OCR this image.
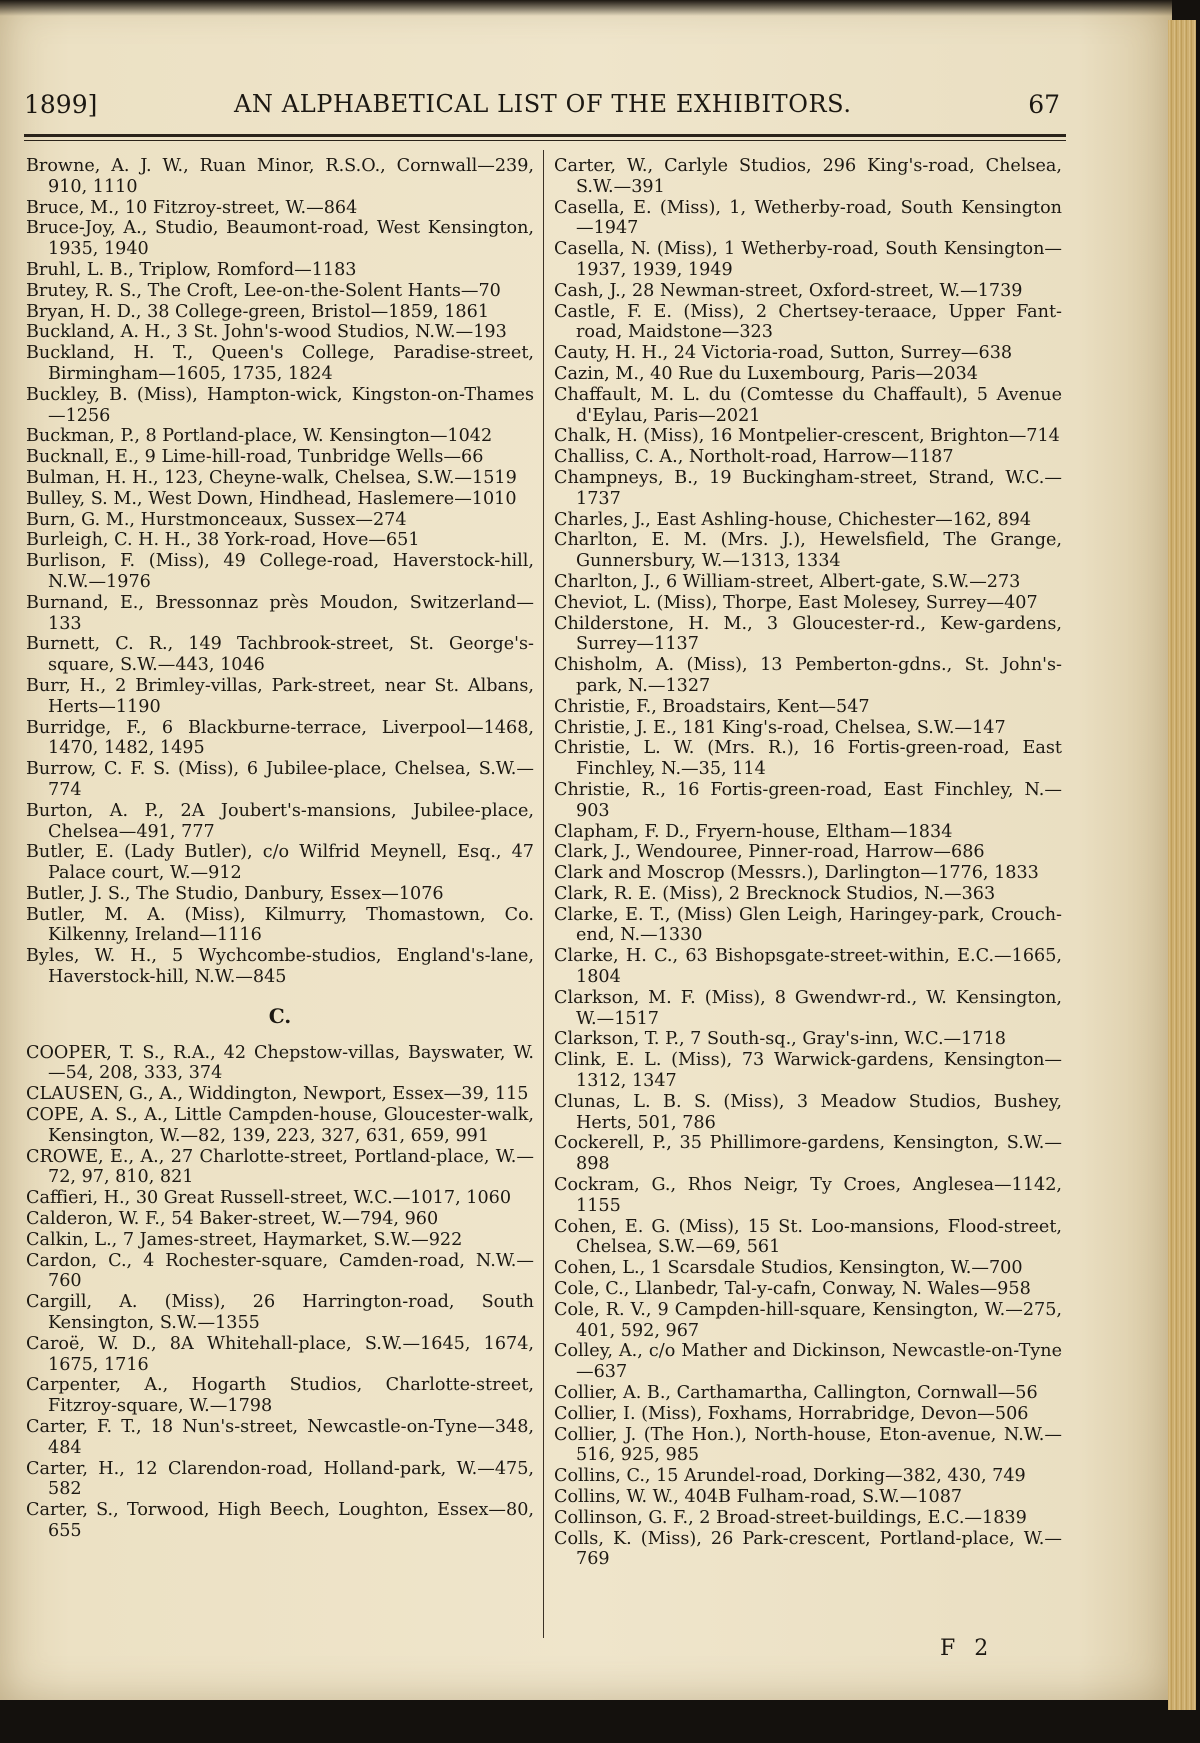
1899]	AN ALPHABETICAL LIST OF THE EXHIBITORS.	67

Browne, A. J. W., Ruan Minor, R.S.O., Cornwall—239, 910, 1110

Bruce, M., 10 Fitzroy-street, W.—864

Bruce-Joy, A., Studio, Beaumont-road, West Kensington, 1935, 1940

Bruhl, L. B., Triplow, Romford—1183

Brutey, R. S., The Croft, Lee-on-the-Solent Hants—70

Bryan, H. D., 38 College-green, Bristol—1859, 1861

Buckland, A. H., 3 St. John's-wood Studios, N.W.—193

Buckland, H. T., Queen's College, Paradise-street, Birmingham—1605, 1735, 1824

Buckley, B. (Miss), Hampton-wick, Kingston-on-Thames—1256

Buckman, P., 8 Portland-place, W. Kensington—1042

Bucknall, E., 9 Lime-hill-road, Tunbridge Wells—66

Bulman, H. H., 123, Cheyne-walk, Chelsea, S.W.—1519

Bulley, S. M., West Down, Hindhead, Haslemere—1010

Burn, G. M., Hurstmonceaux, Sussex—274

Burleigh, C. H. H., 38 York-road, Hove—651

Burlison, F. (Miss), 49 College-road, Haverstock-hill, N.W.—1976

Burnand, E., Bressonnaz près Moudon, Switzerland—133

Burnett, C. R., 149 Tachbrook-street, St. George's-square, S.W.—443, 1046

Burr, H., 2 Brimley-villas, Park-street, near St. Albans, Herts—1190

Burridge, F., 6 Blackburne-terrace, Liverpool—1468, 1470, 1482, 1495

Burrow, C. F. S. (Miss), 6 Jubilee-place, Chelsea, S.W.—774

Burton, A. P., 2A Joubert's-mansions, Jubilee-place, Chelsea—491, 777

Butler, E. (Lady Butler), c/o Wilfrid Meynell, Esq., 47 Palace court, W.—912

Butler, J. S., The Studio, Danbury, Essex—1076

Butler, M. A. (Miss), Kilmurry, Thomastown, Co. Kilkenny, Ireland—1116

Byles, W. H., 5 Wychcombe-studios, England's-lane, Haverstock-hill, N.W.—845

C.

COOPER, T. S., R.A., 42 Chepstow-villas, Bayswater, W.—54, 208, 333, 374

CLAUSEN, G., A., Widdington, Newport, Essex—39, 115

COPE, A. S., A., Little Campden-house, Gloucester-walk, Kensington, W.—82, 139, 223, 327, 631, 659, 991

CROWE, E., A., 27 Charlotte-street, Portland-place, W.—72, 97, 810, 821

Caffieri, H., 30 Great Russell-street, W.C.—1017, 1060

Calderon, W. F., 54 Baker-street, W.—794, 960

Calkin, L., 7 James-street, Haymarket, S.W.—922

Cardon, C., 4 Rochester-square, Camden-road, N.W.—760

Cargill, A. (Miss), 26 Harrington-road, South Kensington, S.W.—1355

Caroë, W. D., 8A Whitehall-place, S.W.—1645, 1674, 1675, 1716

Carpenter, A., Hogarth Studios, Charlotte-street, Fitzroy-square, W.—1798

Carter, F. T., 18 Nun's-street, Newcastle-on-Tyne—348, 484

Carter, H., 12 Clarendon-road, Holland-park, W.—475, 582

Carter, S., Torwood, High Beech, Loughton, Essex—80, 655

Carter, W., Carlyle Studios, 296 King's-road, Chelsea, S.W.—391

Casella, E. (Miss), 1, Wetherby-road, South Kensington—1947

Casella, N. (Miss), 1 Wetherby-road, South Kensington—1937, 1939, 1949

Cash, J., 28 Newman-street, Oxford-street, W.—1739

Castle, F. E. (Miss), 2 Chertsey-teraace, Upper Fant-road, Maidstone—323

Cauty, H. H., 24 Victoria-road, Sutton, Surrey—638

Cazin, M., 40 Rue du Luxembourg, Paris—2034

Chaffault, M. L. du (Comtesse du Chaffault), 5 Avenue d'Eylau, Paris—2021

Chalk, H. (Miss), 16 Montpelier-crescent, Brighton—714

Challiss, C. A., Northolt-road, Harrow—1187

Champneys, B., 19 Buckingham-street, Strand, W.C.—1737

Charles, J., East Ashling-house, Chichester—162, 894

Charlton, E. M. (Mrs. J.), Hewelsfield, The Grange, Gunnersbury, W.—1313, 1334

Charlton, J., 6 William-street, Albert-gate, S.W.—273

Cheviot, L. (Miss), Thorpe, East Molesey, Surrey—407

Childerstone, H. M., 3 Gloucester-rd., Kew-gardens, Surrey—1137

Chisholm, A. (Miss), 13 Pemberton-gdns., St. John's-park, N.—1327

Christie, F., Broadstairs, Kent—547

Christie, J. E., 181 King's-road, Chelsea, S.W.—147

Christie, L. W. (Mrs. R.), 16 Fortis-green-road, East Finchley, N.—35, 114

Christie, R., 16 Fortis-green-road, East Finchley, N.—903

Clapham, F. D., Fryern-house, Eltham—1834

Clark, J., Wendouree, Pinner-road, Harrow—686

Clark and Moscrop (Messrs.), Darlington—1776, 1833

Clark, R. E. (Miss), 2 Brecknock Studios, N.—363

Clarke, E. T., (Miss) Glen Leigh, Haringey-park, Crouch-end, N.—1330

Clarke, H. C., 63 Bishopsgate-street-within, E.C.—1665, 1804

Clarkson, M. F. (Miss), 8 Gwendwr-rd., W. Kensington, W.—1517

Clarkson, T. P., 7 South-sq., Gray's-inn, W.C.—1718

Clink, E. L. (Miss), 73 Warwick-gardens, Kensington—1312, 1347

Clunas, L. B. S. (Miss), 3 Meadow Studios, Bushey, Herts, 501, 786

Cockerell, P., 35 Phillimore-gardens, Kensington, S.W.—898

Cockram, G., Rhos Neigr, Ty Croes, Anglesea—1142, 1155

Cohen, E. G. (Miss), 15 St. Loo-mansions, Flood-street, Chelsea, S.W.—69, 561

Cohen, L., 1 Scarsdale Studios, Kensington, W.—700

Cole, C., Llanbedr, Tal-y-cafn, Conway, N. Wales—958

Cole, R. V., 9 Campden-hill-square, Kensington, W.—275, 401, 592, 967

Colley, A., c/o Mather and Dickinson, Newcastle-on-Tyne—637

Collier, A. B., Carthamartha, Callington, Cornwall—56

Collier, I. (Miss), Foxhams, Horrabridge, Devon—506

Collier, J. (The Hon.), North-house, Eton-avenue, N.W.—516, 925, 985

Collins, C., 15 Arundel-road, Dorking—382, 430, 749

Collins, W. W., 404B Fulham-road, S.W.—1087

Collinson, G. F., 2 Broad-street-buildings, E.C.—1839

Colls, K. (Miss), 26 Park-crescent, Portland-place, W.—769

F 2
